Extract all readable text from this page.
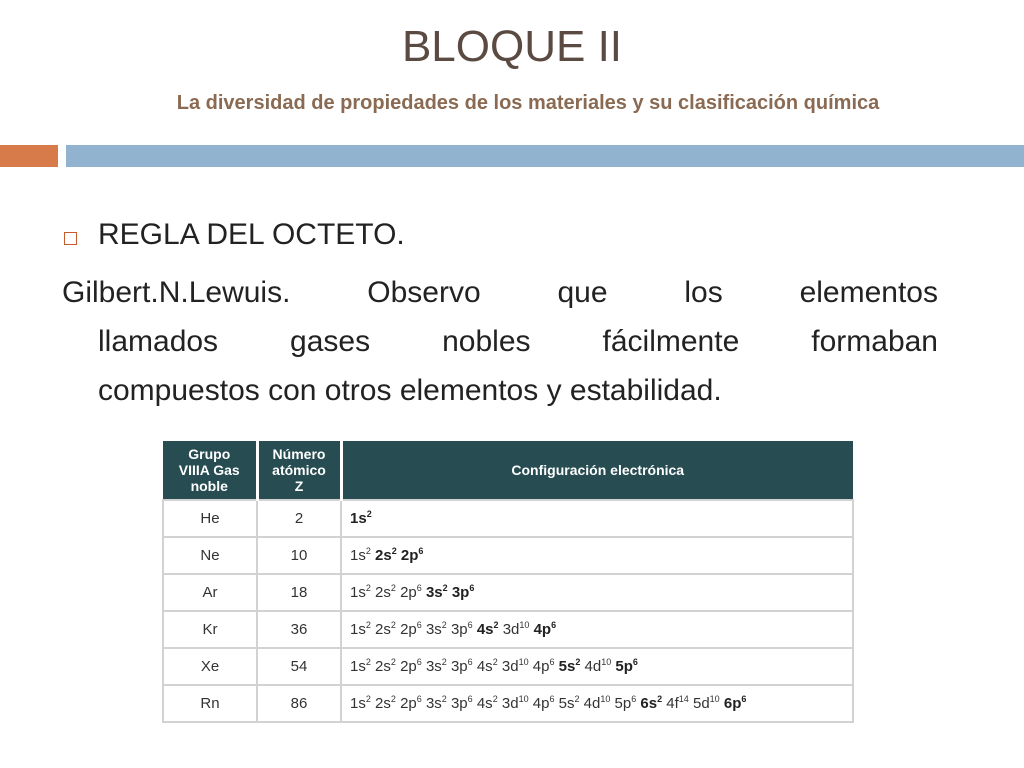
BLOQUE II
La diversidad de propiedades de los materiales y su clasificación química
REGLA DEL OCTETO.
Gilbert.N.Lewuis. Observo que los elementos
llamados gases nobles fácilmente formaban
compuestos con otros elementos y estabilidad.
Grupo
VIIIA Gas
noble	Número
atómico
Z	Configuración electrónica
He	2	$1s^2$
Ne	10	$1s^2$ $2s^2$ $2p^6$
Ar	18	$1s^2$ $2s^2$ $2p^6$ $3s^2$ $3p^6$
Kr	36	$1s^2$ $2s^2$ $2p^6$ $3s^2$ $3p^6$ $4s^2$ $3d^{10}$ $4p^6$
Xe	54	$1s^2$ $2s^2$ $2p^6$ $3s^2$ $3p^6$ $4s^2$ $3d^{10}$ $4p^6$ $5s^2$ $4d^{10}$ $5p^6$
Rn	86	$1s^2$ $2s^2$ $2p^6$ $3s^2$ $3p^6$ $4s^2$ $3d^{10}$ $4p^6$ $5s^2$ $4d^{10}$ $5p^6$ $6s^2$ $4f^{14}$ $5d^{10}$ $6p^6$
